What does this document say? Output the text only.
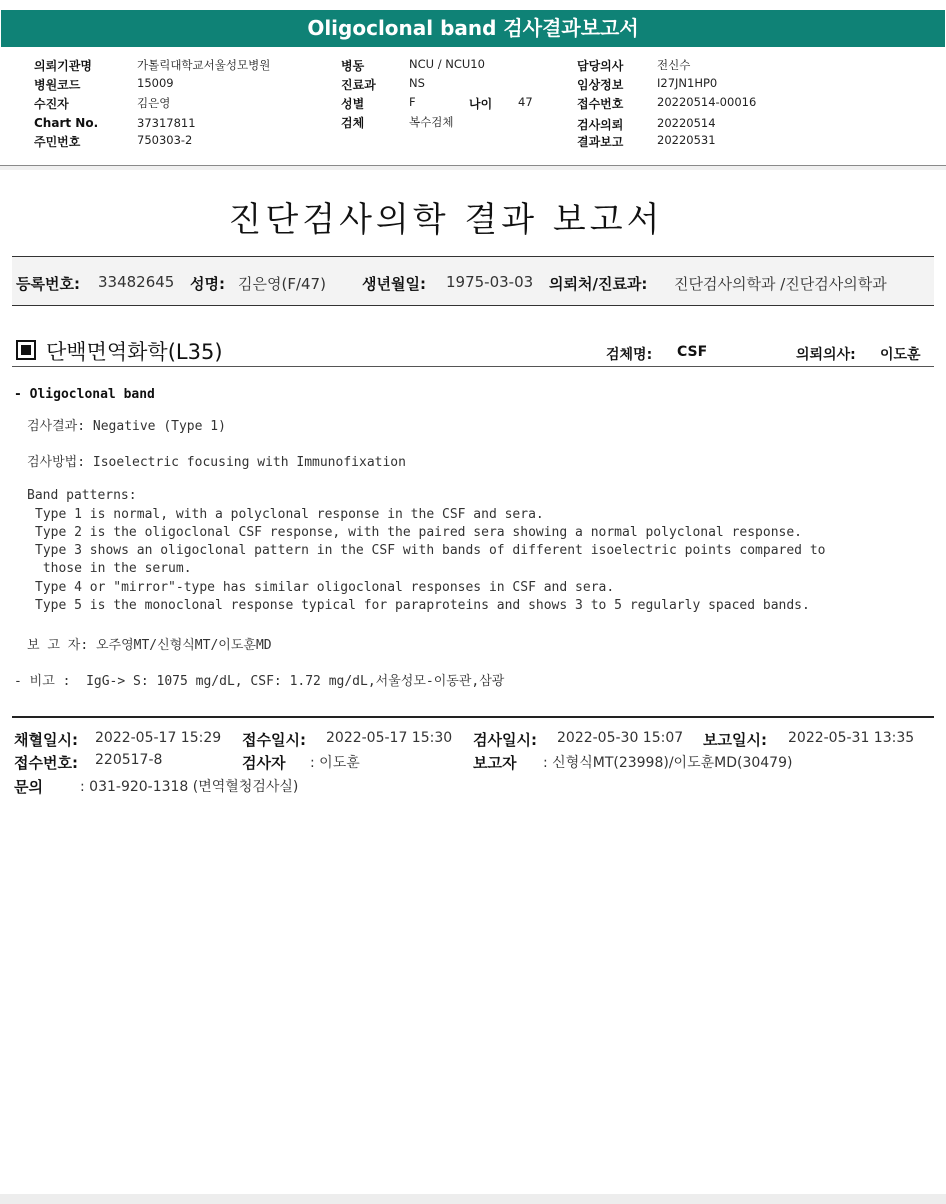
Oligoclonal band 검사결과보고서
의뢰기관명	가톨릭대학교서울성모병원
병원코드	15009
수진자	김은영
Chart No.	37317811
주민번호	750303-2
병동	NCU / NCU10
진료과	NS
성별	F	나이 47
검체	복수검체
담당의사	전신수
임상정보	I27JN1HP0
접수번호	20220514-00016
검사의뢰	20220514
결과보고	20220531
진단검사의학 결과 보고서
등록번호: 33482645 성명: 김은영(F/47) 생년월일: 1975-03-03 의뢰처/진료과: 진단검사의학과 /진단검사의학과
단백면역화학(L35)	검체명: CSF	의뢰의사: 이도훈
- Oligoclonal band
검사결과: Negative (Type 1)
검사방법: Isoelectric focusing with Immunofixation
Band patterns:
Type 1 is normal, with a polyclonal response in the CSF and sera.
Type 2 is the oligoclonal CSF response, with the paired sera showing a normal polyclonal response.
Type 3 shows an oligoclonal pattern in the CSF with bands of different isoelectric points compared to
those in the serum.
Type 4 or "mirror"-type has similar oligoclonal responses in CSF and sera.
Type 5 is the monoclonal response typical for paraproteins and shows 3 to 5 regularly spaced bands.
보 고 자: 오주영MT/신형식MT/이도훈MD
- 비고 :  IgG-> S: 1075 mg/dL, CSF: 1.72 mg/dL,서울성모-이동관,삼광
채혈일시: 2022-05-17 15:29 접수일시: 2022-05-17 15:30 검사일시: 2022-05-30 15:07 보고일시: 2022-05-31 13:35
접수번호: 220517-8	검사자 : 이도훈	보고자 : 신형식MT(23998)/이도훈MD(30479)
문의	: 031-920-1318 (면역혈청검사실)
